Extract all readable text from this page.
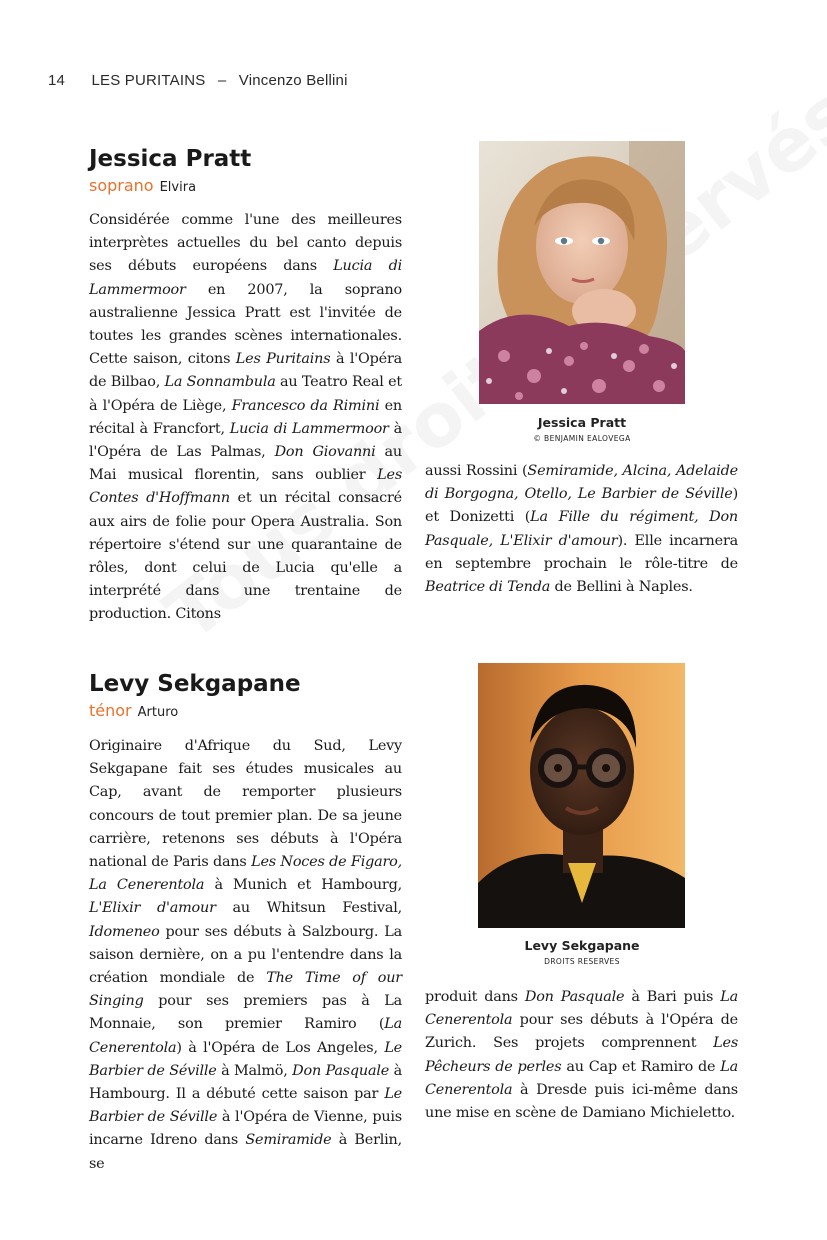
14 LES PURITAINS – Vincenzo Bellini
Jessica Pratt
soprano Elvira

Considérée comme l'une des meilleures interprètes actuelles du bel canto depuis ses débuts européens dans Lucia di Lammermoor en 2007, la soprano australienne Jessica Pratt est l'invitée de toutes les grandes scènes internationales. Cette saison, citons Les Puritains à l'Opéra de Bilbao, La Sonnambula au Teatro Real et à l'Opéra de Liège, Francesco da Rimini en récital à Francfort, Lucia di Lammermoor à l'Opéra de Las Palmas, Don Giovanni au Mai musical florentin, sans oublier Les Contes d'Hoffmann et un récital consacré aux airs de folie pour Opera Australia. Son répertoire s'étend sur une quarantaine de rôles, dont celui de Lucia qu'elle a interprété dans une trentaine de production. Citons

Jessica Pratt
© BENJAMIN EALOVEGA

aussi Rossini (Semiramide, Alcina, Adelaide di Borgogna, Otello, Le Barbier de Séville) et Donizetti (La Fille du régiment, Don Pasquale, L'Elixir d'amour). Elle incarnera en septembre prochain le rôle-titre de Beatrice di Tenda de Bellini à Naples.

Levy Sekgapane
ténor Arturo

Originaire d'Afrique du Sud, Levy Sekgapane fait ses études musicales au Cap, avant de remporter plusieurs concours de tout premier plan. De sa jeune carrière, retenons ses débuts à l'Opéra national de Paris dans Les Noces de Figaro, La Cenerentola à Munich et Hambourg, L'Elixir d'amour au Whitsun Festival, Idomeneo pour ses débuts à Salzbourg. La saison dernière, on a pu l'entendre dans la création mondiale de The Time of our Singing pour ses premiers pas à La Monnaie, son premier Ramiro (La Cenerentola) à l'Opéra de Los Angeles, Le Barbier de Séville à Malmö, Don Pasquale à Hambourg. Il a débuté cette saison par Le Barbier de Séville à l'Opéra de Vienne, puis incarne Idreno dans Semiramide à Berlin, se

Levy Sekgapane
DROITS RESERVES

produit dans Don Pasquale à Bari puis La Cenerentola pour ses débuts à l'Opéra de Zurich. Ses projets comprennent Les Pêcheurs de perles au Cap et Ramiro de La Cenerentola à Dresde puis ici-même dans une mise en scène de Damiano Michieletto.
